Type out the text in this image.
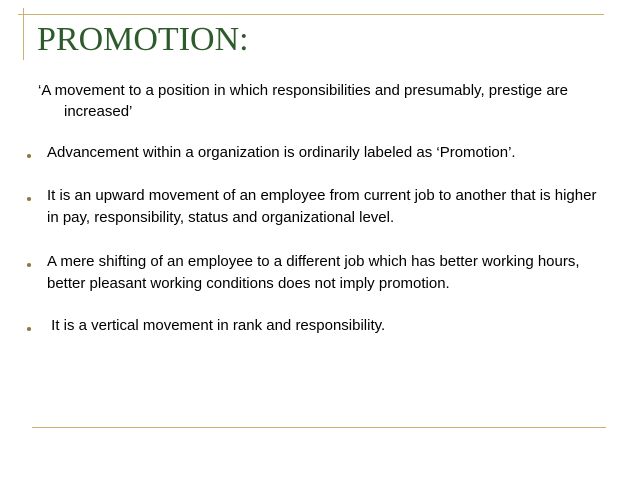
PROMOTION:
‘A movement to a position in which responsibilities and presumably, prestige are increased’
Advancement within a organization is ordinarily labeled as ‘Promotion’.
It is an upward movement of an employee from current job to another that is higher in pay, responsibility, status and organizational level.
A mere shifting of an employee to a different job which has better working hours, better pleasant working conditions does not imply promotion.
It is a vertical movement in rank and responsibility.
